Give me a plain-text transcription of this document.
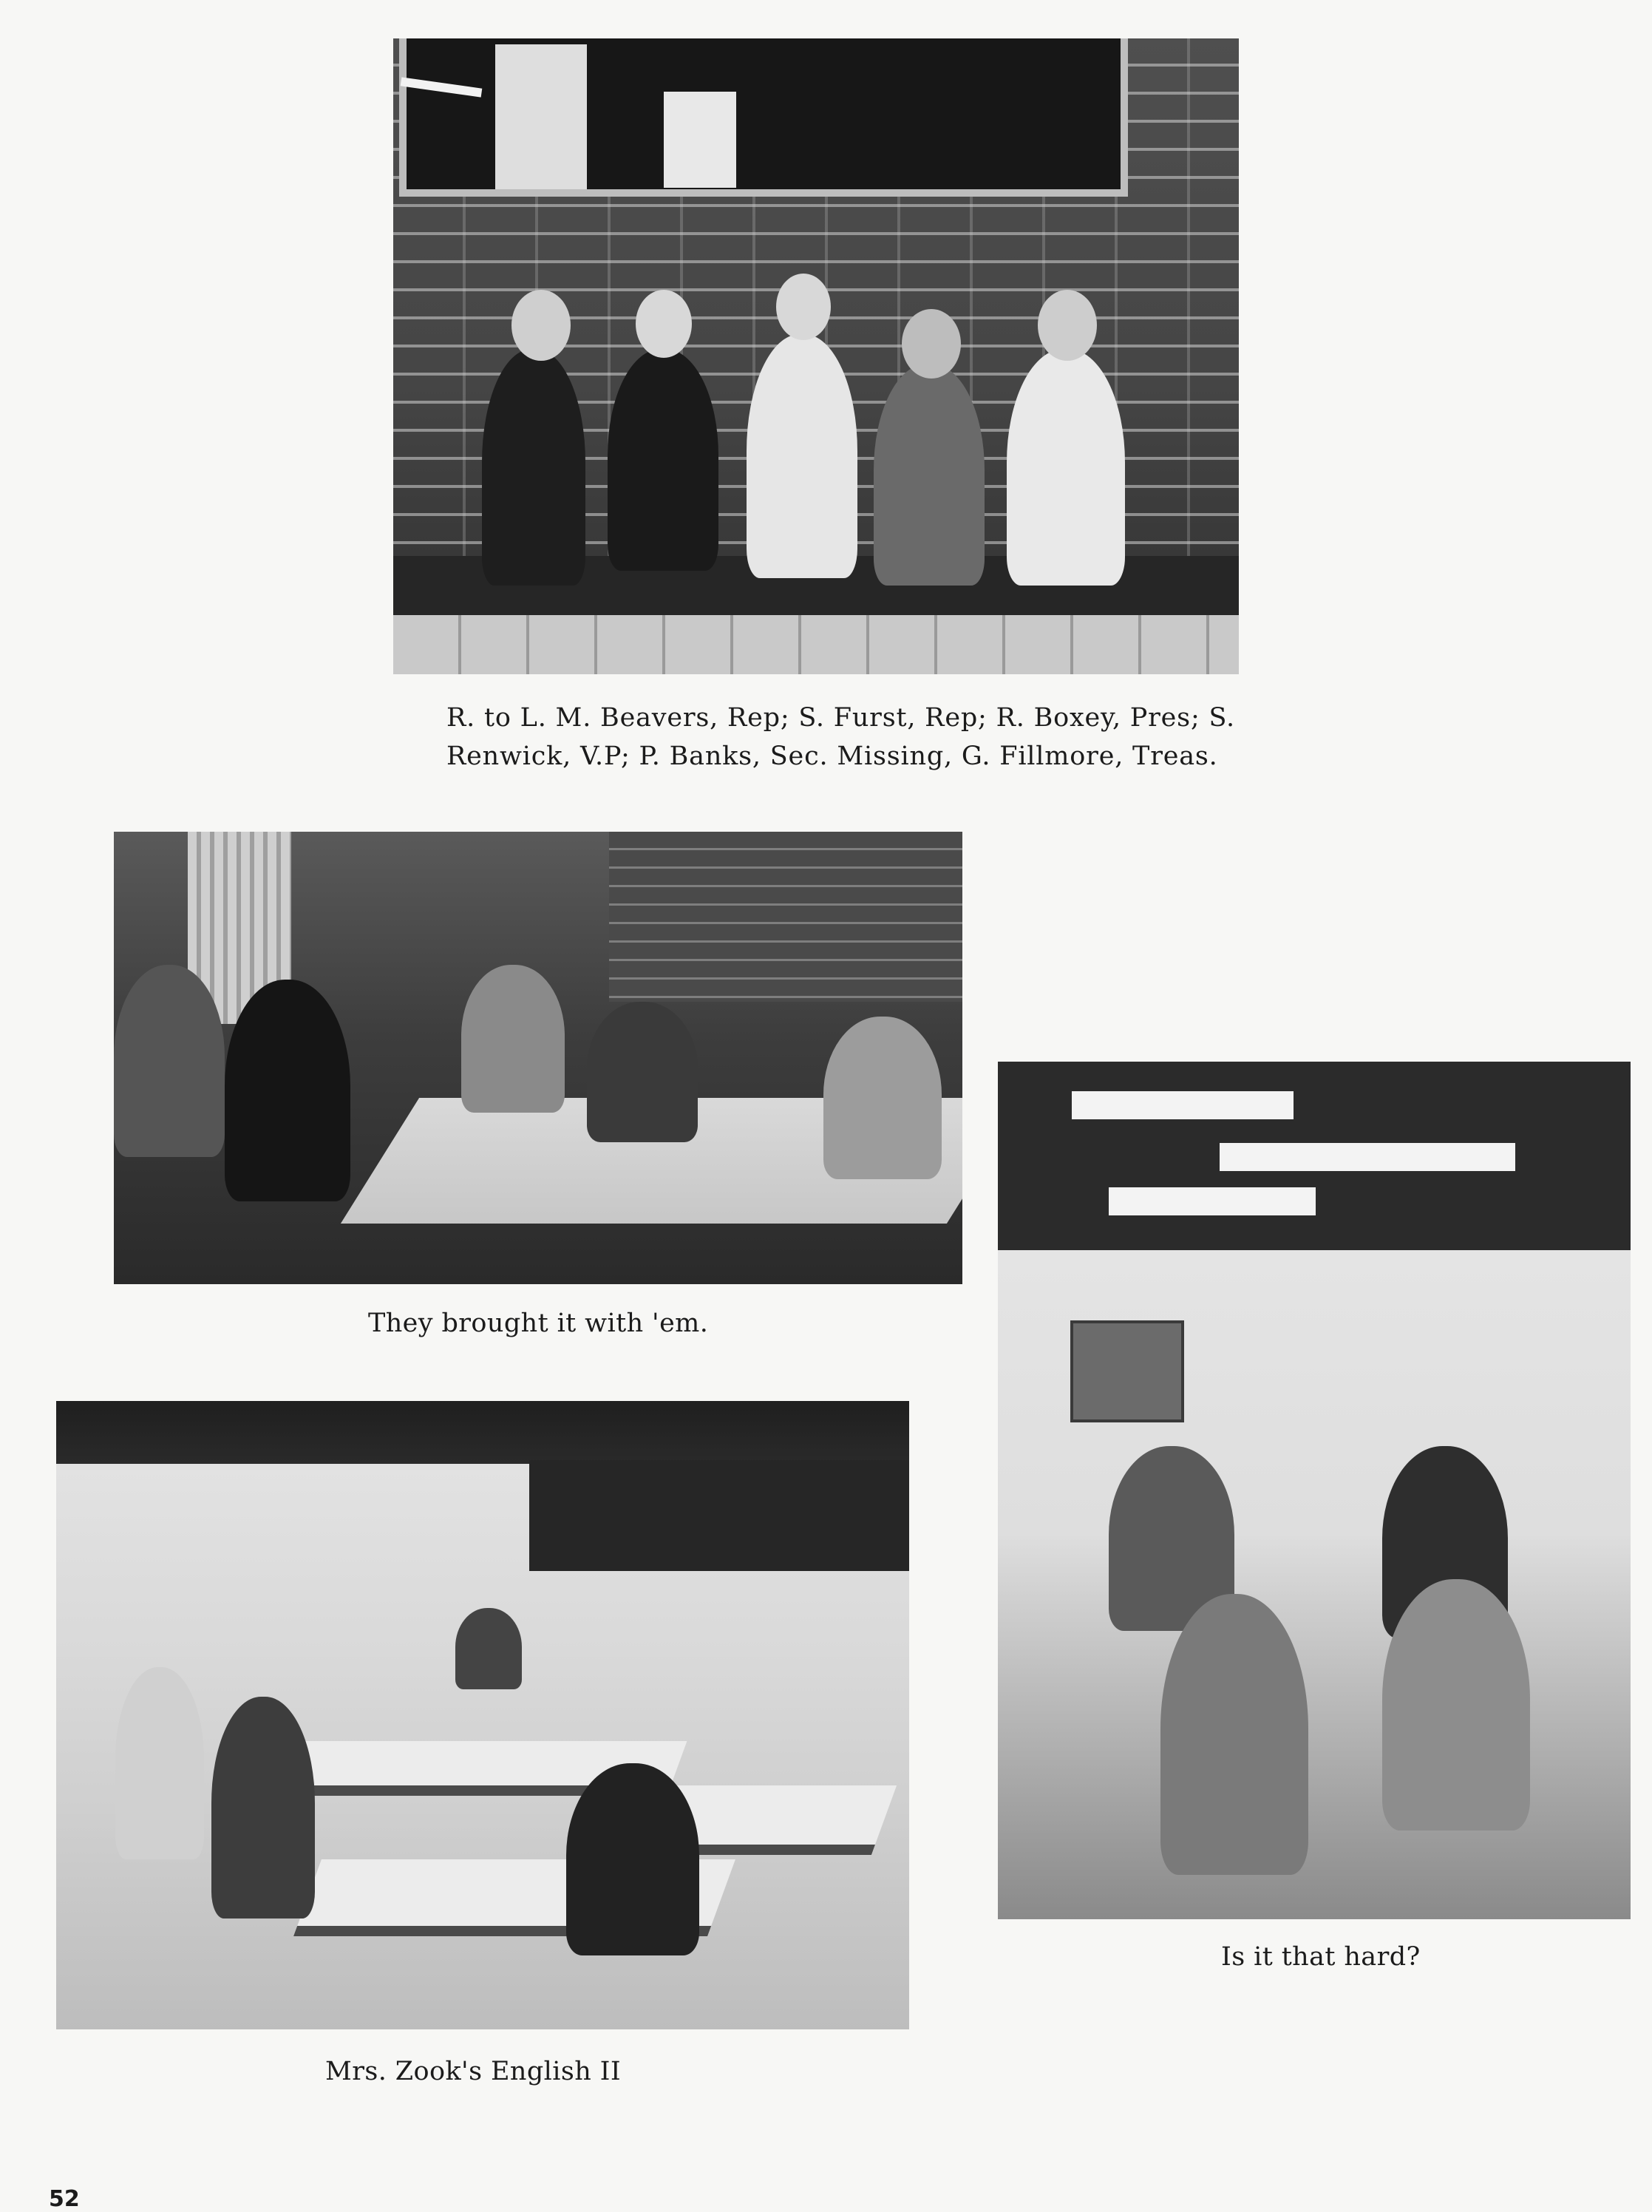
R. to L. M. Beavers, Rep; S. Furst, Rep; R. Boxey, Pres; S. Renwick, V.P; P. Banks, Sec. Missing, G. Fillmore, Treas.

They brought it with 'em.

Is it that hard?

Mrs. Zook's English II

52
